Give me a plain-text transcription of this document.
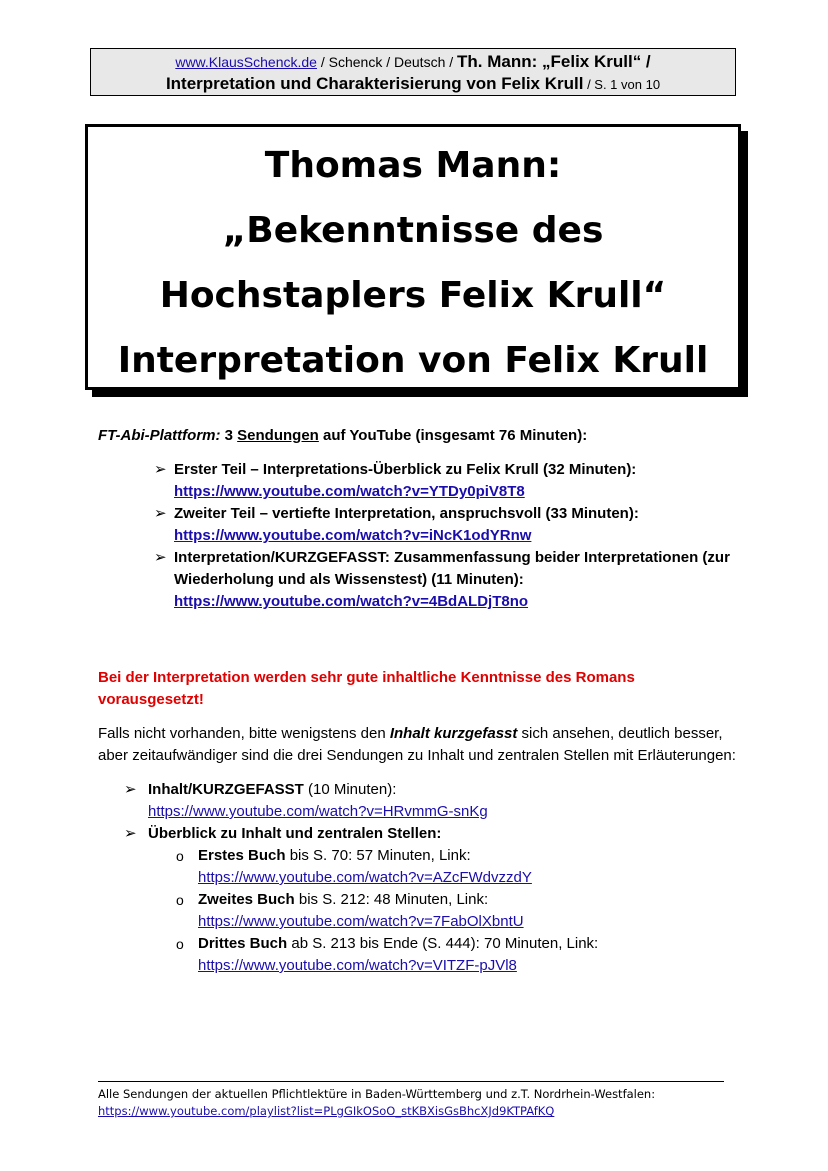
www.KlausSchenck.de / Schenck / Deutsch / Th. Mann: „Felix Krull“ /
Interpretation und Charakterisierung von Felix Krull / S. 1 von 10
Thomas Mann:
„Bekenntnisse des
Hochstaplers Felix Krull“
Interpretation von Felix Krull

FT-Abi-Plattform: 3 Sendungen auf YouTube (insgesamt 76 Minuten):

➢ Erster Teil – Interpretations-Überblick zu Felix Krull (32 Minuten):
https://www.youtube.com/watch?v=YTDy0piV8T8
➢ Zweiter Teil – vertiefte Interpretation, anspruchsvoll (33 Minuten):
https://www.youtube.com/watch?v=iNcK1odYRnw
➢ Interpretation/KURZGEFASST: Zusammenfassung beider Interpretationen (zur Wiederholung und als Wissenstest) (11 Minuten): https://www.youtube.com/watch?v=4BdALDjT8no
Bei der Interpretation werden sehr gute inhaltliche Kenntnisse des Romans vorausgesetzt!
Falls nicht vorhanden, bitte wenigstens den Inhalt kurzgefasst sich ansehen, deutlich besser, aber zeitaufwändiger sind die drei Sendungen zu Inhalt und zentralen Stellen mit Erläuterungen:
➢ Inhalt/KURZGEFASST (10 Minuten):
https://www.youtube.com/watch?v=HRvmmG-snKg
➢ Überblick zu Inhalt und zentralen Stellen:
o Erstes Buch bis S. 70: 57 Minuten, Link:
https://www.youtube.com/watch?v=AZcFWdvzzdY
o Zweites Buch bis S. 212: 48 Minuten, Link:
https://www.youtube.com/watch?v=7FabOlXbntU
o Drittes Buch ab S. 213 bis Ende (S. 444): 70 Minuten, Link:
https://www.youtube.com/watch?v=VITZF-pJVl8
Alle Sendungen der aktuellen Pflichtlektüre in Baden-Württemberg und z.T. Nordrhein-Westfalen:
https://www.youtube.com/playlist?list=PLgGIkOSoO_stKBXisGsBhcXJd9KTPAfKQ
